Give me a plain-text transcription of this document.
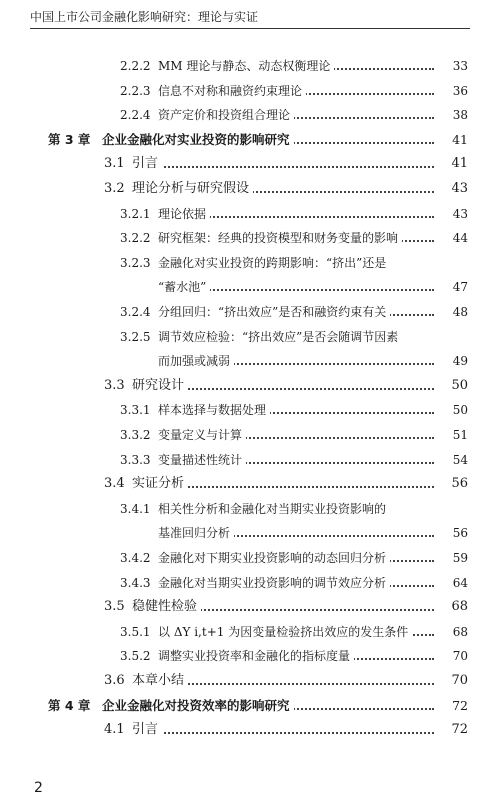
中国上市公司金融化影响研究：理论与实证
2.2.2 MM 理论与静态、动态权衡理论	33
2.2.3 信息不对称和融资约束理论	36
2.2.4 资产定价和投资组合理论	38
第 3 章 企业金融化对实业投资的影响研究	41
3.1 引言	41
3.2 理论分析与研究假设	43
3.2.1 理论依据	43
3.2.2 研究框架：经典的投资模型和财务变量的影响	44
3.2.3 金融化对实业投资的跨期影响：“挤出”还是
“蓄水池”	47
3.2.4 分组回归：“挤出效应”是否和融资约束有关	48
3.2.5 调节效应检验：“挤出效应”是否会随调节因素
而加强或减弱	49
3.3 研究设计	50
3.3.1 样本选择与数据处理	50
3.3.2 变量定义与计算	51
3.3.3 变量描述性统计	54
3.4 实证分析	56
3.4.1 相关性分析和金融化对当期实业投资影响的
基准回归分析	56
3.4.2 金融化对下期实业投资影响的动态回归分析	59
3.4.3 金融化对当期实业投资影响的调节效应分析	64
3.5 稳健性检验	68
3.5.1 以 ΔY i,t+1 为因变量检验挤出效应的发生条件	68
3.5.2 调整实业投资率和金融化的指标度量	70
3.6 本章小结	70
第 4 章 企业金融化对投资效率的影响研究	72
4.1 引言	72
2
